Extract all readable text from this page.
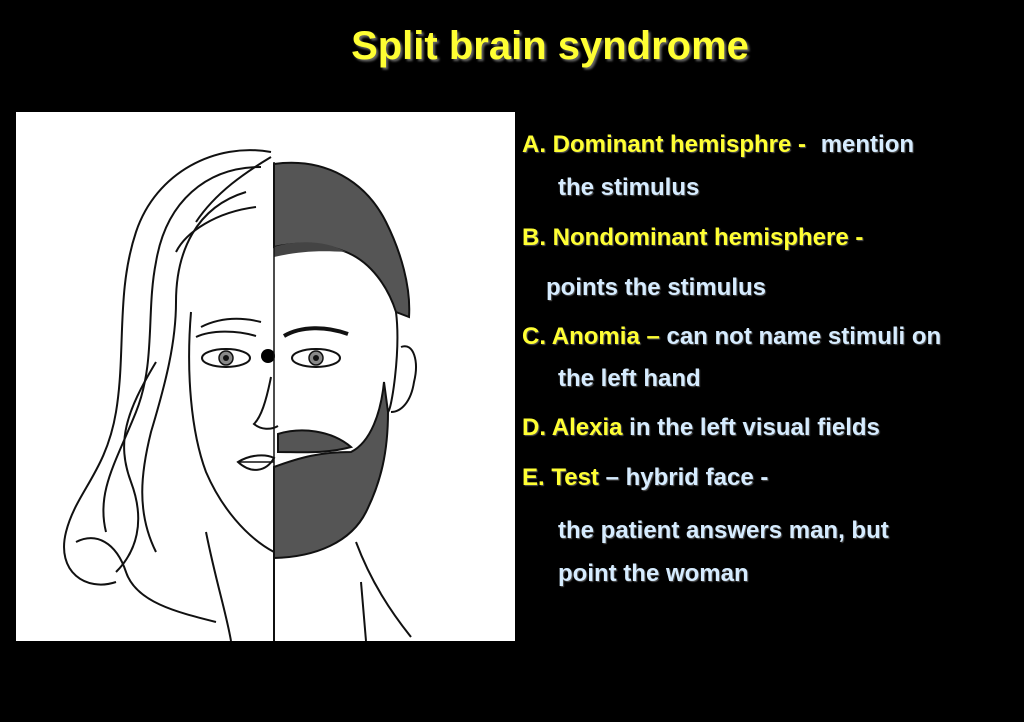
Split brain syndrome
A. Dominant hemisphre - mention
the stimulus
B. Nondominant hemisphere -
points the stimulus
C. Anomia – can not name stimuli on
the left hand
D. Alexia in the left visual fields
E. Test – hybrid face -
the patient answers man, but
point the woman
